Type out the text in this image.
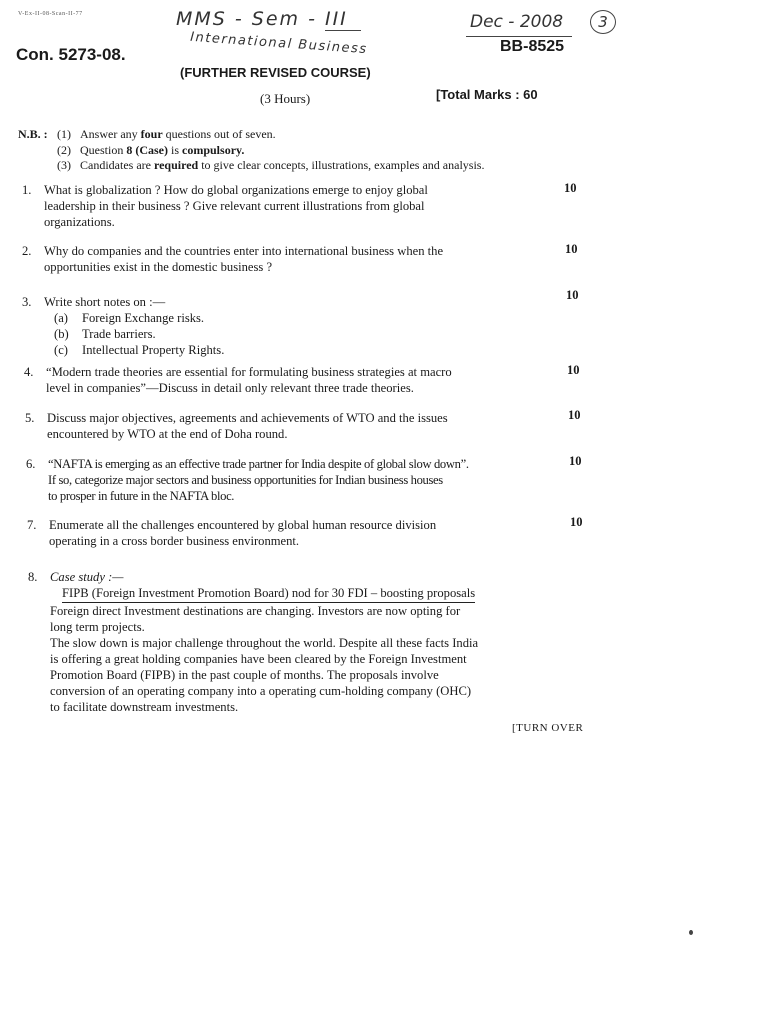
V-Ex-II-08-Scan-II-77	MMS - Sem - III
International Business
Dec - 2008	3
Con. 5273-08.	BB-8525
(FURTHER REVISED COURSE)
(3 Hours)	[Total Marks : 60
N.B. : (1) Answer any four questions out of seven.
(2) Question 8 (Case) is compulsory.
(3) Candidates are required to give clear concepts, illustrations, examples and analysis.
1. What is globalization ? How do global organizations emerge to enjoy global
leadership in their business ? Give relevant current illustrations from global
organizations.
10
2. Why do companies and the countries enter into international business when the
opportunities exist in the domestic business ?
10
3. Write short notes on :—
(a) Foreign Exchange risks.
(b) Trade barriers.
(c) Intellectual Property Rights.
10
4. “Modern trade theories are essential for formulating business strategies at macro
level in companies”—Discuss in detail only relevant three trade theories.
10
5. Discuss major objectives, agreements and achievements of WTO and the issues
encountered by WTO at the end of Doha round.
10
6. “NAFTA is emerging as an effective trade partner for India despite of global slow down”.
If so, categorize major sectors and business opportunities for Indian business houses
to prosper in future in the NAFTA bloc.
10
7. Enumerate all the challenges encountered by global human resource division
operating in a cross border business environment.
10
8. Case study :—
FIPB (Foreign Investment Promotion Board) nod for 30 FDI – boosting proposals
Foreign direct Investment destinations are changing. Investors are now opting for
long term projects.
The slow down is major challenge throughout the world. Despite all these facts India
is offering a great holding companies have been cleared by the Foreign Investment
Promotion Board (FIPB) in the past couple of months. The proposals involve
conversion of an operating company into a operating cum-holding company (OHC)
to facilitate downstream investments.
[TURN OVER
